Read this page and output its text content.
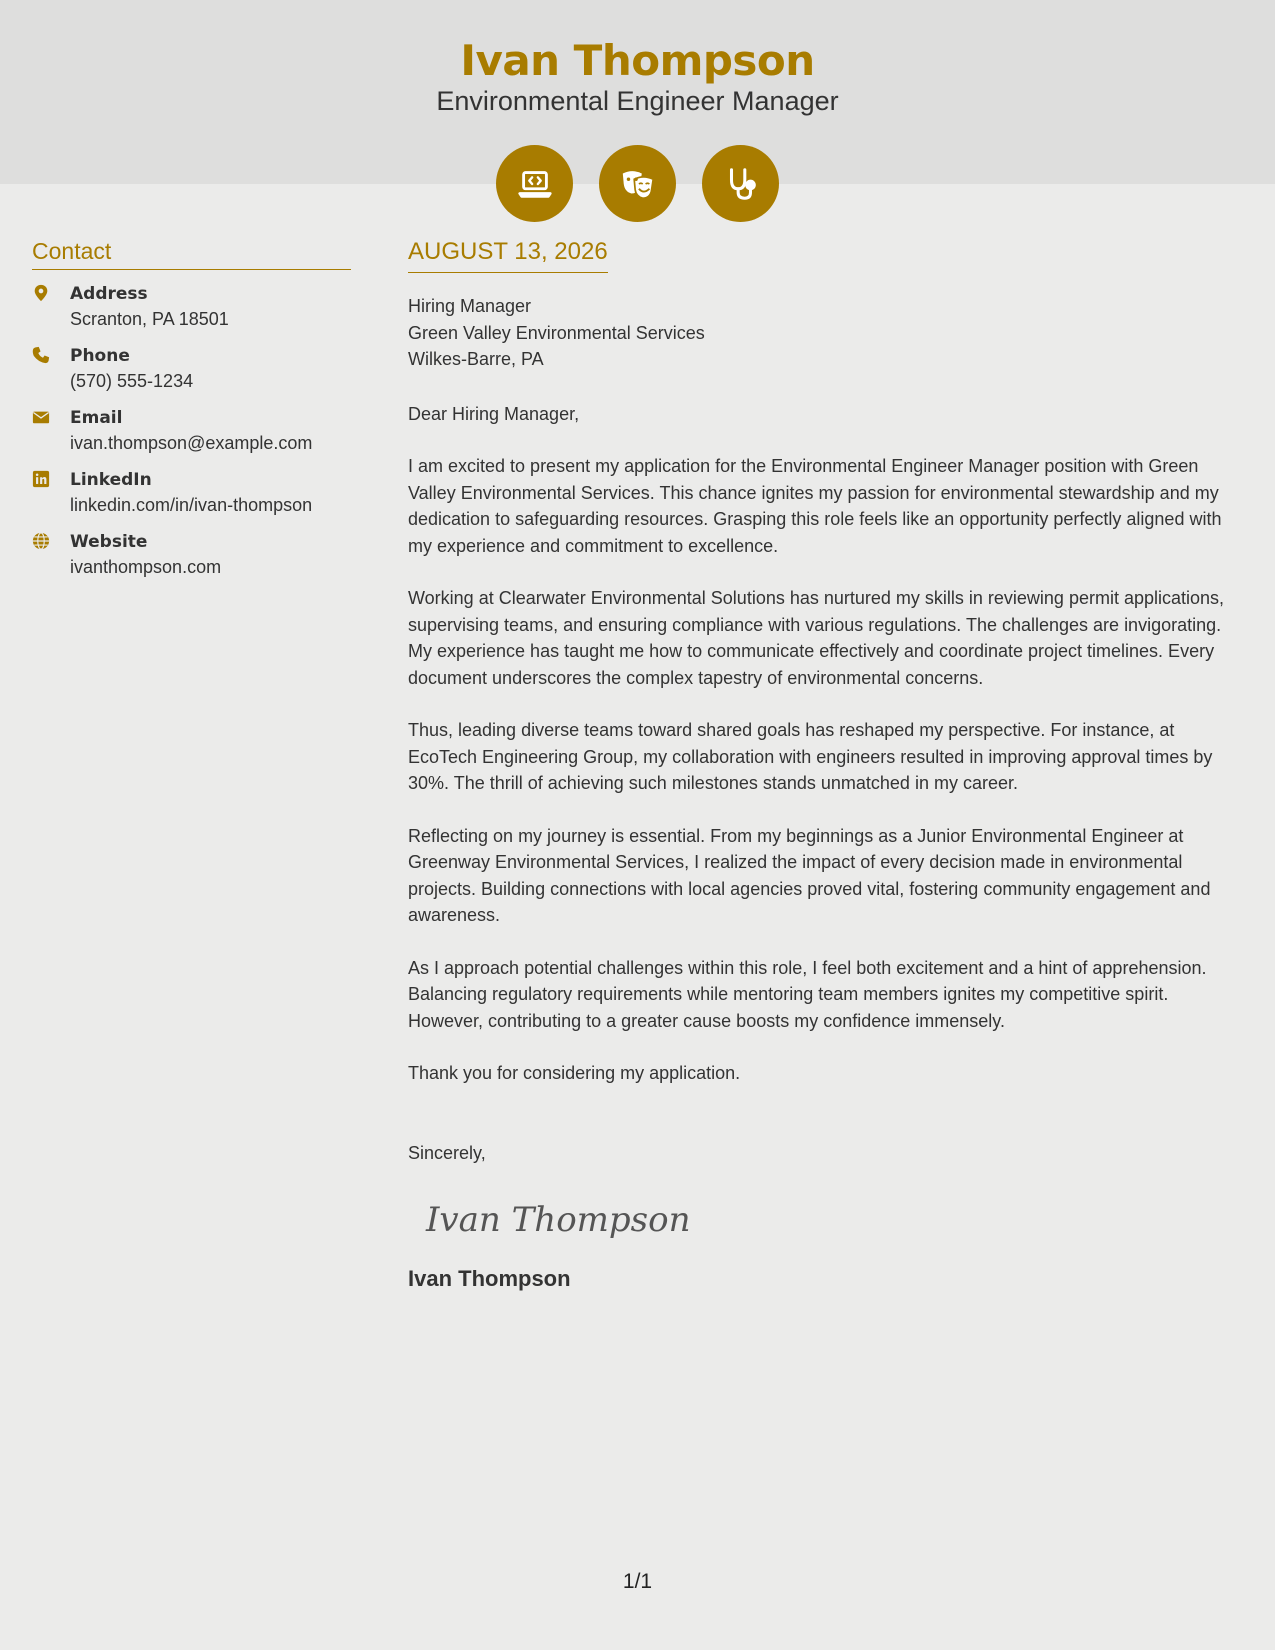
Ivan Thompson
Environmental Engineer Manager
Contact
Address
Scranton, PA 18501
Phone
(570) 555-1234
Email
ivan.thompson@example.com
LinkedIn
linkedin.com/in/ivan-thompson
Website
ivanthompson.com
AUGUST 13, 2026
Hiring Manager
Green Valley Environmental Services
Wilkes-Barre, PA
Dear Hiring Manager,
I am excited to present my application for the Environmental Engineer Manager position with Green Valley Environmental Services. This chance ignites my passion for environmental stewardship and my dedication to safeguarding resources. Grasping this role feels like an opportunity perfectly aligned with my experience and commitment to excellence.
Working at Clearwater Environmental Solutions has nurtured my skills in reviewing permit applications, supervising teams, and ensuring compliance with various regulations. The challenges are invigorating. My experience has taught me how to communicate effectively and coordinate project timelines. Every document underscores the complex tapestry of environmental concerns.
Thus, leading diverse teams toward shared goals has reshaped my perspective. For instance, at EcoTech Engineering Group, my collaboration with engineers resulted in improving approval times by 30%. The thrill of achieving such milestones stands unmatched in my career.
Reflecting on my journey is essential. From my beginnings as a Junior Environmental Engineer at Greenway Environmental Services, I realized the impact of every decision made in environmental projects. Building connections with local agencies proved vital, fostering community engagement and awareness.
As I approach potential challenges within this role, I feel both excitement and a hint of apprehension. Balancing regulatory requirements while mentoring team members ignites my competitive spirit. However, contributing to a greater cause boosts my confidence immensely.
Thank you for considering my application.
Sincerely,
Ivan Thompson
Ivan Thompson
1/1
